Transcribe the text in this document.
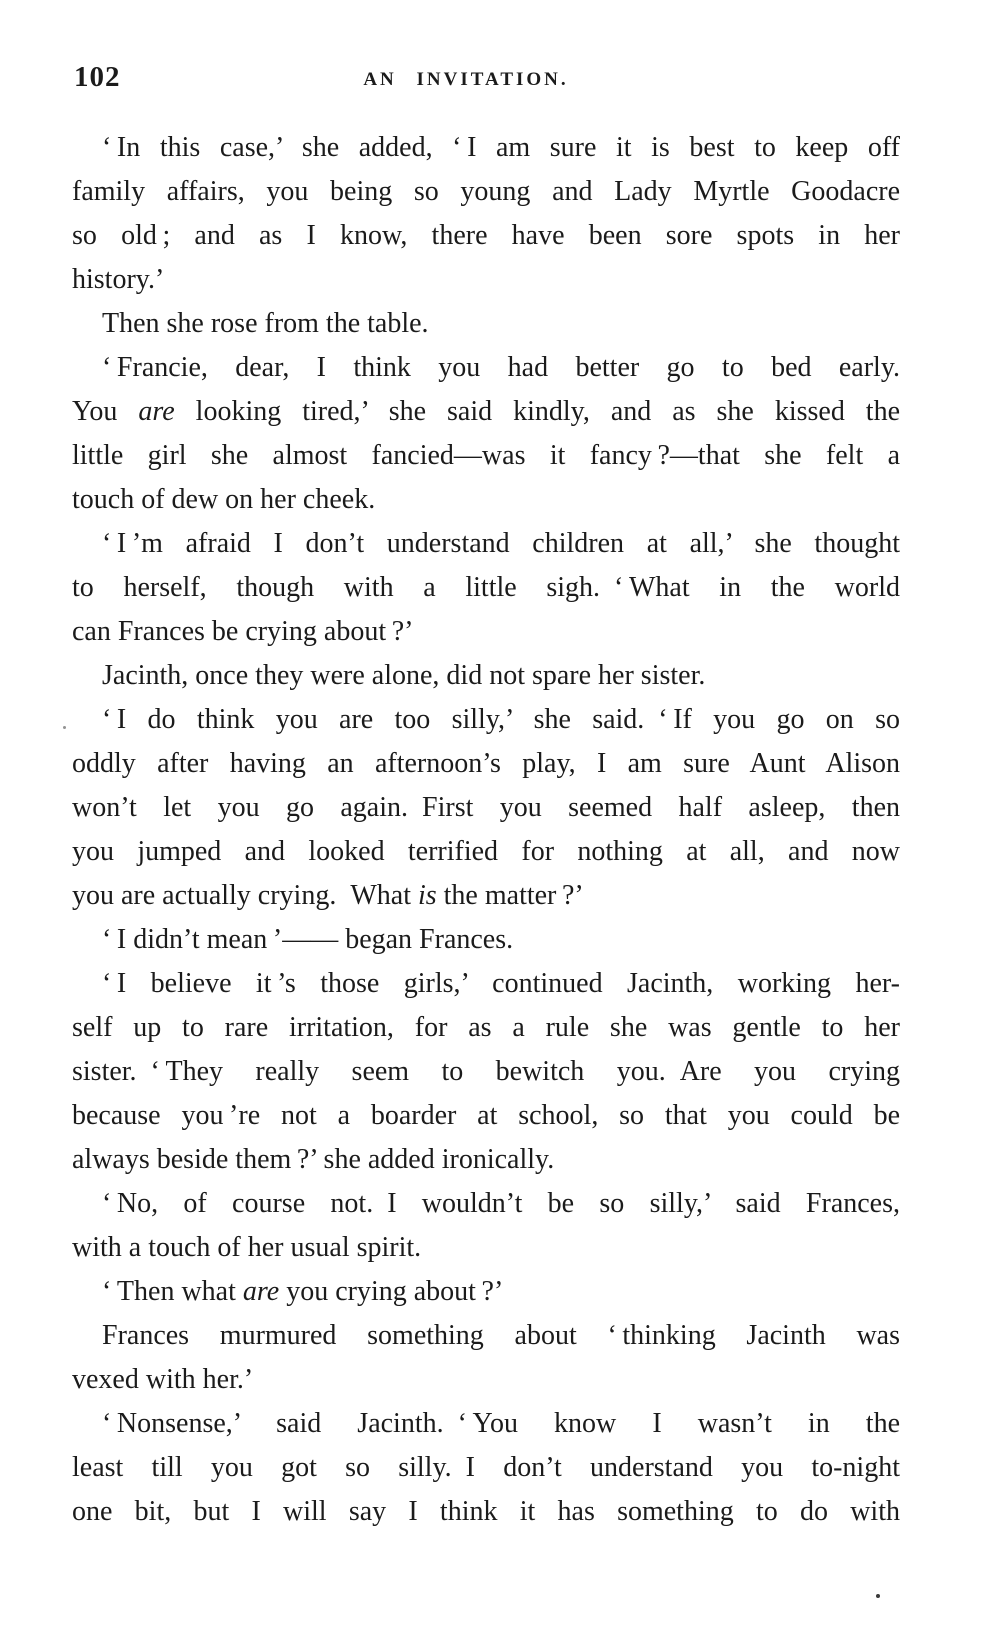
102	AN INVITATION.
‘ In this case,’ she added, ‘ I am sure it is best to keep off
family affairs, you being so young and Lady Myrtle Goodacre
so old ; and as I know, there have been sore spots in her
history.’
Then she rose from the table.
‘ Francie, dear, I think you had better go to bed early.
You are looking tired,’ she said kindly, and as she kissed the
little girl she almost fancied—was it fancy ?—that she felt a
touch of dew on her cheek.
‘ I ’m afraid I don’t understand children at all,’ she thought
to herself, though with a little sigh. ‘ What in the world
can Frances be crying about ?’
Jacinth, once they were alone, did not spare her sister.
‘ I do think you are too silly,’ she said. ‘ If you go on so
oddly after having an afternoon’s play, I am sure Aunt Alison
won’t let you go again. First you seemed half asleep, then
you jumped and looked terrified for nothing at all, and now
you are actually crying. What is the matter ?’
‘ I didn’t mean ’—— began Frances.
‘ I believe it ’s those girls,’ continued Jacinth, working her-
self up to rare irritation, for as a rule she was gentle to her
sister. ‘ They really seem to bewitch you. Are you crying
because you ’re not a boarder at school, so that you could be
always beside them ?’ she added ironically.
‘ No, of course not. I wouldn’t be so silly,’ said Frances,
with a touch of her usual spirit.
‘ Then what are you crying about ?’
Frances murmured something about ‘ thinking Jacinth was
vexed with her.’
‘ Nonsense,’ said Jacinth. ‘ You know I wasn’t in the
least till you got so silly. I don’t understand you to-night
one bit, but I will say I think it has something to do with
